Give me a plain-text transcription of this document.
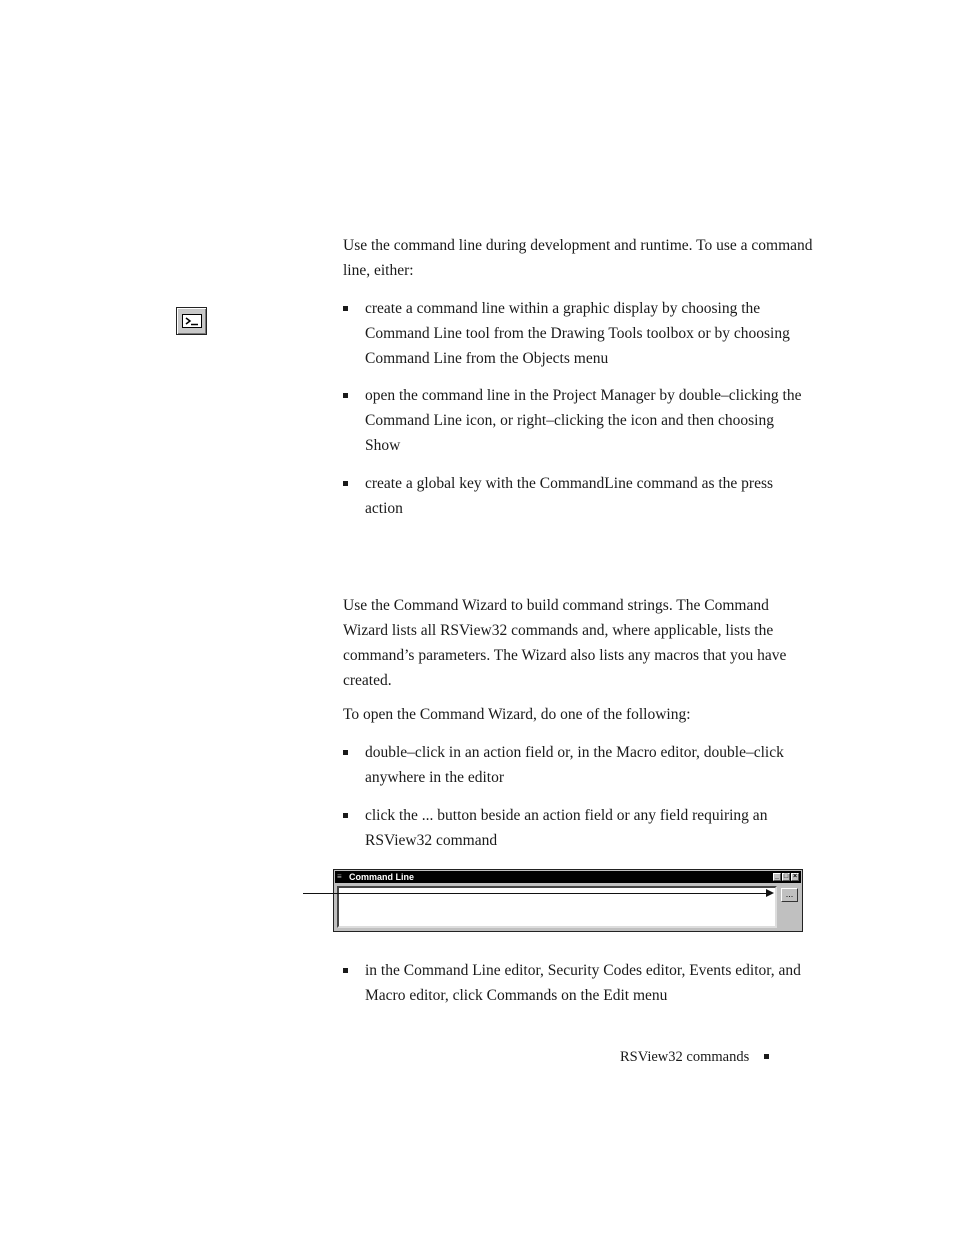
Use the command line during development and runtime. To use a command line, either:

create a command line within a graphic display by choosing the Command Line tool from the Drawing Tools toolbox or by choosing Command Line from the Objects menu
open the command line in the Project Manager by double–clicking the Command Line icon, or right–clicking the icon and then choosing Show
create a global key with the CommandLine command as the press action

Use the Command Wizard to build command strings. The Command Wizard lists all RSView32 commands and, where applicable, lists the command’s parameters. The Wizard also lists any macros that you have created.

To open the Command Wizard, do one of the following:

double–click in an action field or, in the Macro editor, double–click anywhere in the editor
click the ... button beside an action field or any field requiring an RSView32 command
≡ Command Line	_ □ ×
...
in the Command Line editor, Security Codes editor, Events editor, and Macro editor, click Commands on the Edit menu
RSView32 commands
